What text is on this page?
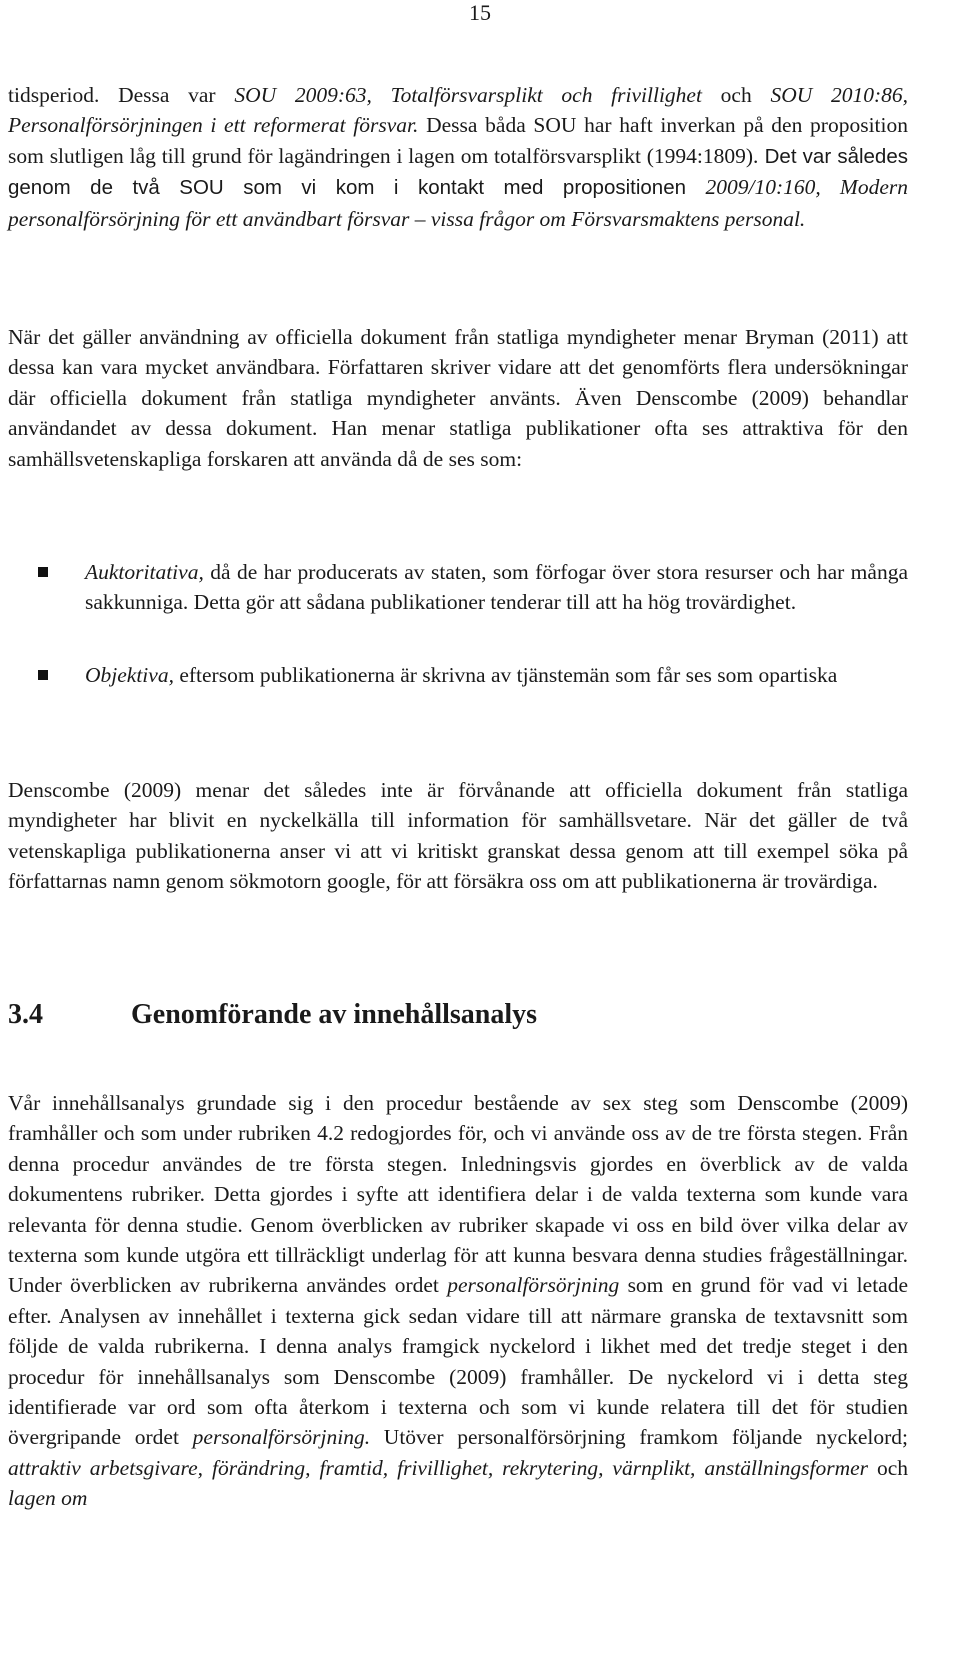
15

tidsperiod. Dessa var SOU 2009:63, Totalförsvarsplikt och frivillighet och SOU 2010:86, Personalförsörjningen i ett reformerat försvar. Dessa båda SOU har haft inverkan på den proposition som slutligen låg till grund för lagändringen i lagen om totalförsvarsplikt (1994:1809). Det var således genom de två SOU som vi kom i kontakt med propositionen 2009/10:160, Modern personalförsörjning för ett användbart försvar – vissa frågor om Försvarsmaktens personal.

När det gäller användning av officiella dokument från statliga myndigheter menar Bryman (2011) att dessa kan vara mycket användbara. Författaren skriver vidare att det genomförts flera undersökningar där officiella dokument från statliga myndigheter använts. Även Denscombe (2009) behandlar användandet av dessa dokument. Han menar statliga publikationer ofta ses attraktiva för den samhällsvetenskapliga forskaren att använda då de ses som:

Auktoritativa, då de har producerats av staten, som förfogar över stora resurser och har många sakkunniga. Detta gör att sådana publikationer tenderar till att ha hög trovärdighet.

Objektiva, eftersom publikationerna är skrivna av tjänstemän som får ses som opartiska

Denscombe (2009) menar det således inte är förvånande att officiella dokument från statliga myndigheter har blivit en nyckelkälla till information för samhällsvetare. När det gäller de två vetenskapliga publikationerna anser vi att vi kritiskt granskat dessa genom att till exempel söka på författarnas namn genom sökmotorn google, för att försäkra oss om att publikationerna är trovärdiga.

3.4	Genomförande av innehållsanalys

Vår innehållsanalys grundade sig i den procedur bestående av sex steg som Denscombe (2009) framhåller och som under rubriken 4.2 redogjordes för, och vi använde oss av de tre första stegen. Från denna procedur användes de tre första stegen. Inledningsvis gjordes en överblick av de valda dokumentens rubriker. Detta gjordes i syfte att identifiera delar i de valda texterna som kunde vara relevanta för denna studie. Genom överblicken av rubriker skapade vi oss en bild över vilka delar av texterna som kunde utgöra ett tillräckligt underlag för att kunna besvara denna studies frågeställningar. Under överblicken av rubrikerna användes ordet personalförsörjning som en grund för vad vi letade efter. Analysen av innehållet i texterna gick sedan vidare till att närmare granska de textavsnitt som följde de valda rubrikerna. I denna analys framgick nyckelord i likhet med det tredje steget i den procedur för innehållsanalys som Denscombe (2009) framhåller. De nyckelord vi i detta steg identifierade var ord som ofta återkom i texterna och som vi kunde relatera till det för studien övergripande ordet personalförsörjning. Utöver personalförsörjning framkom följande nyckelord; attraktiv arbetsgivare, förändring, framtid, frivillighet, rekrytering, värnplikt, anställningsformer och lagen om
